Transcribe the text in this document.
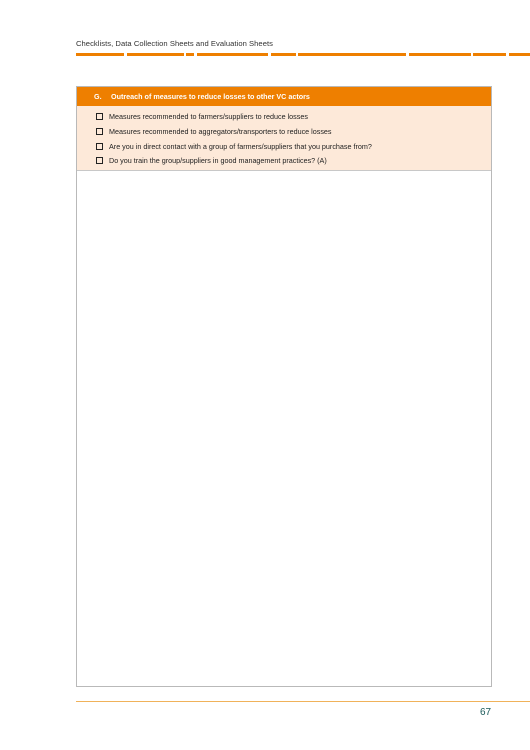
Checklists, Data Collection Sheets and Evaluation Sheets
G.	Outreach of measures to reduce losses to other VC actors
Measures recommended to farmers/suppliers to reduce losses
Measures recommended to aggregators/transporters to reduce losses
Are you in direct contact with a group of farmers/suppliers that you purchase from?
Do you train the group/suppliers in good management practices? (A)
67
